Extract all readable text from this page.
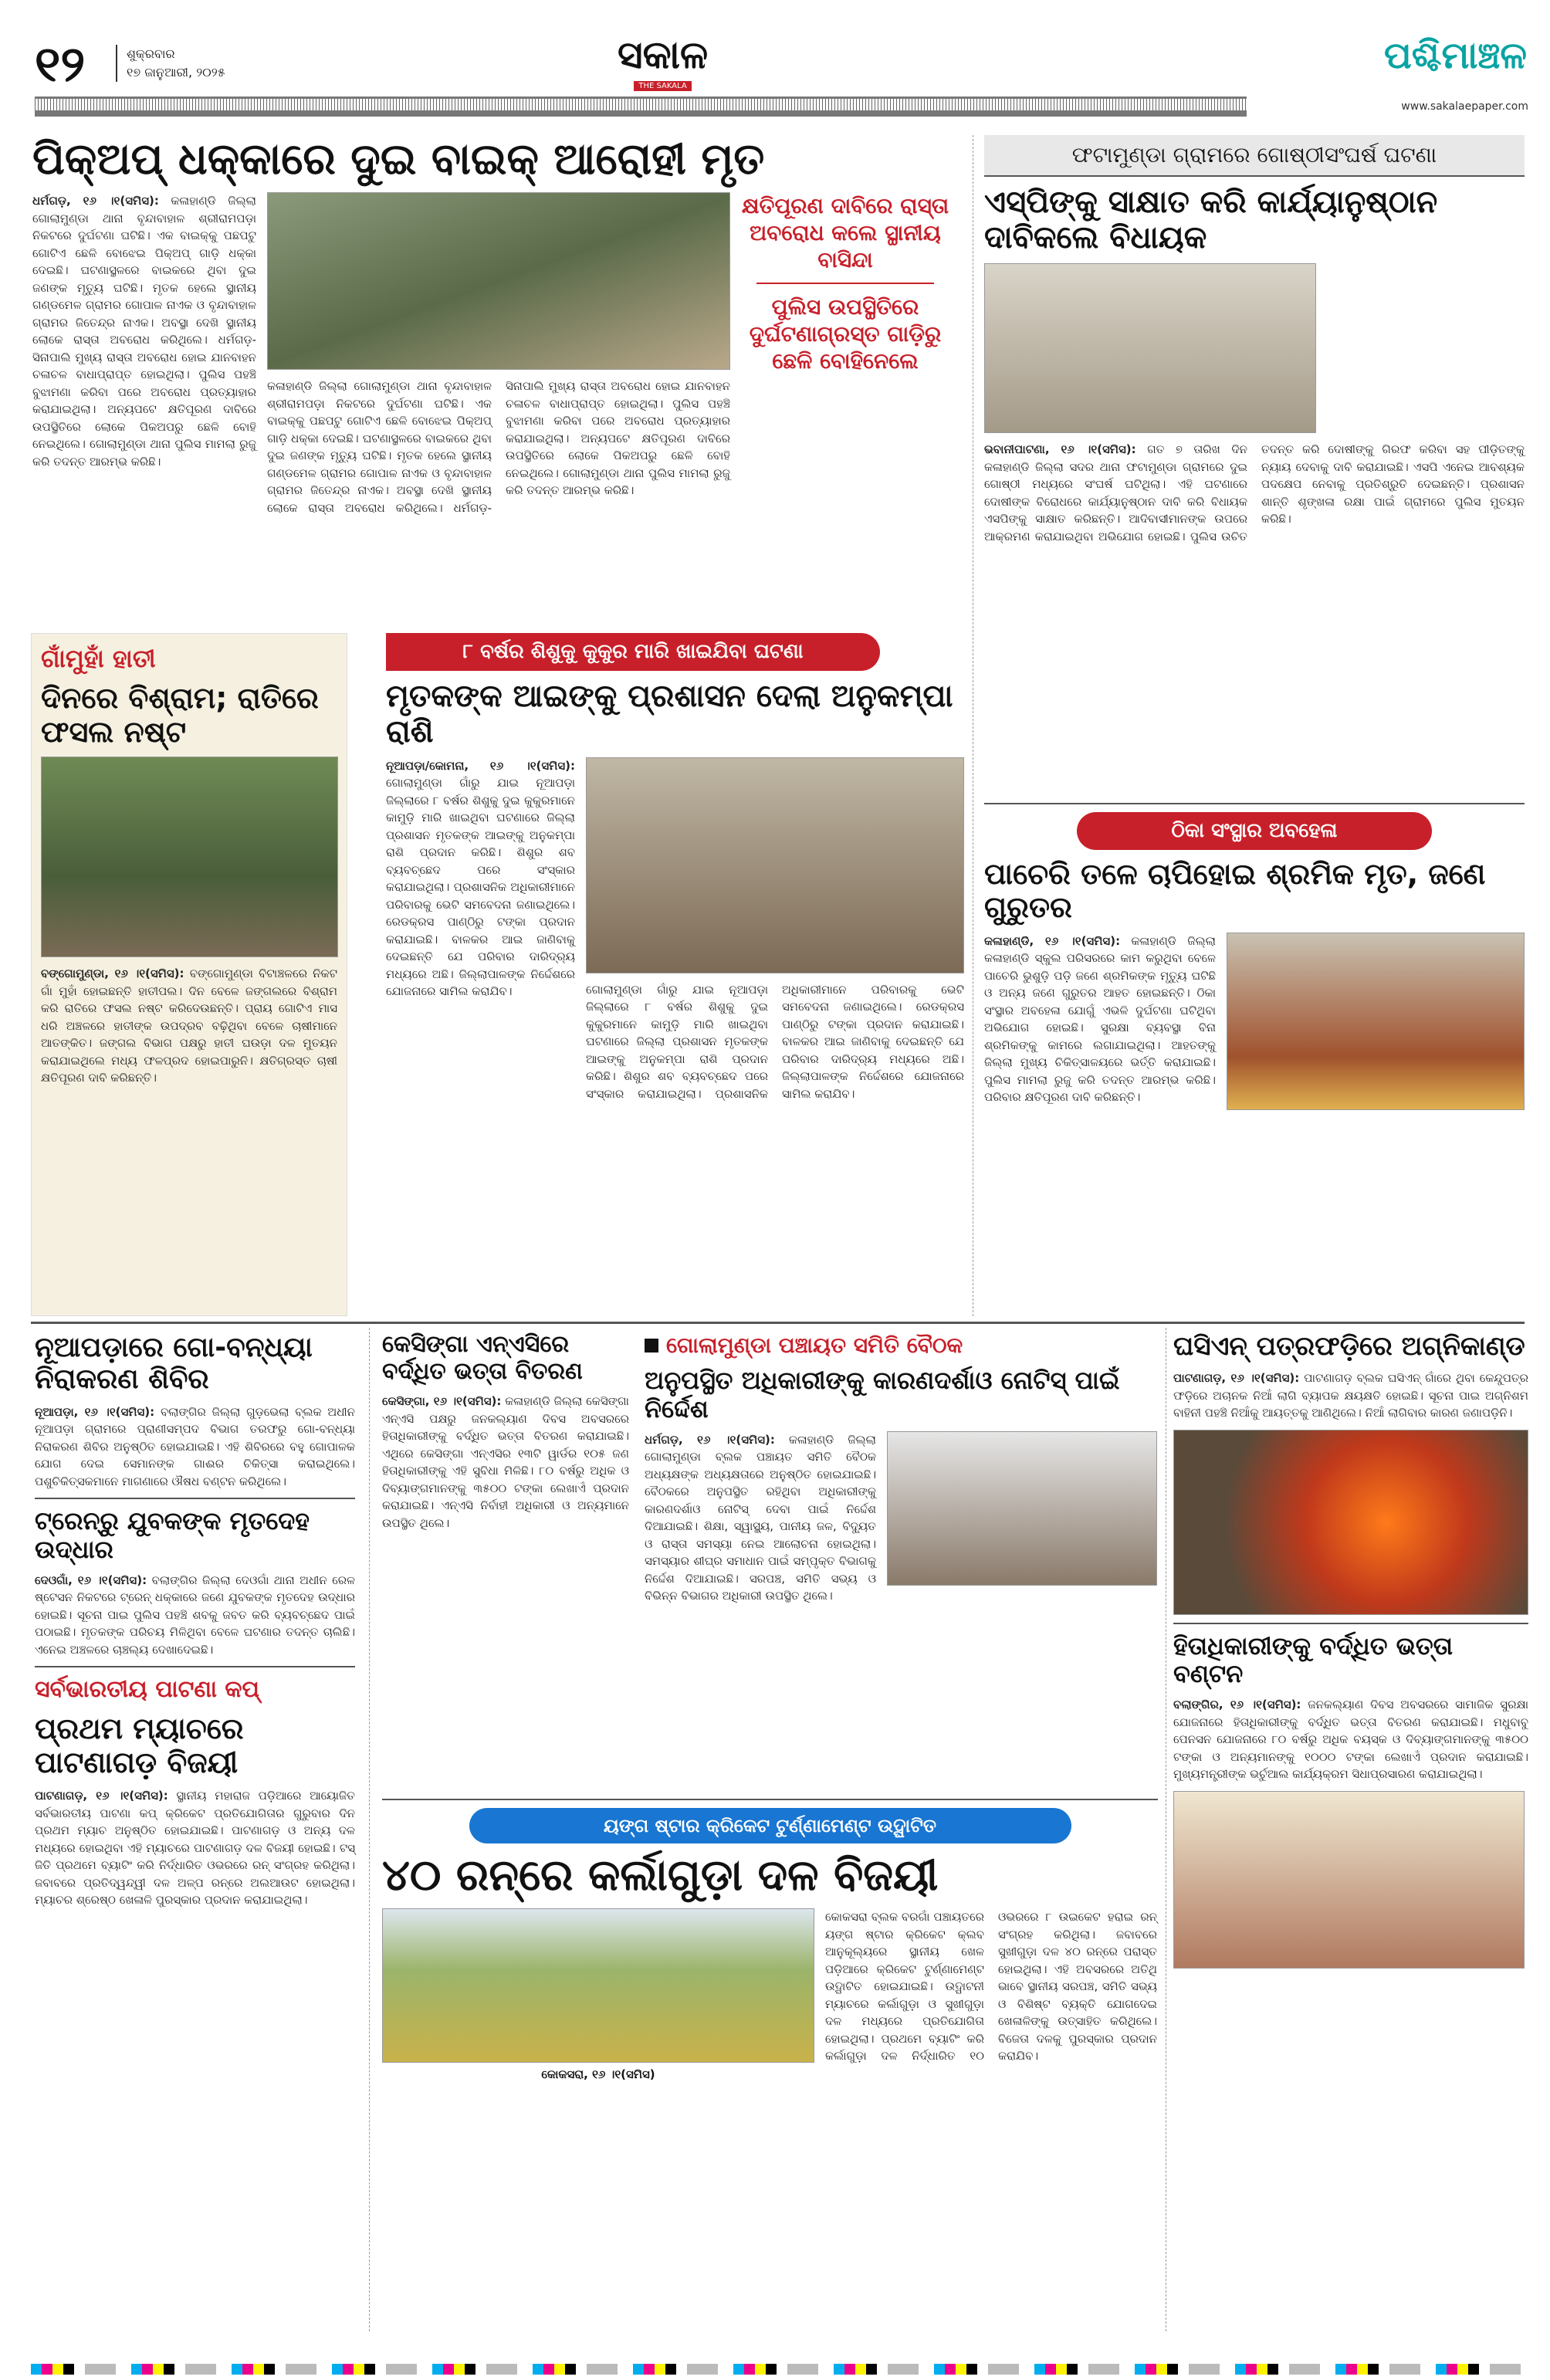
୧୨	ଶୁକ୍ରବାର
୧୭ ଜାନୁଆରୀ, ୨୦୨୫	ସକାଳ
THE SAKALA
ପଶ୍ଚିମାଞ୍ଚଳ
www.sakalaepaper.com
ପିକ୍ଅପ୍ ଧକ୍କାରେ ଦୁଇ ବାଇକ୍ ଆରୋହୀ ମୃତ
ଧର୍ମଗଡ଼, ୧୬ ।୧(ସମିସ): କଳାହାଣ୍ଡି ଜିଲ୍ଲା ଗୋଲାମୁଣ୍ଡା ଥାନା ବୃନ୍ଦାବାହାଳ ଶ୍ରୀରାମପଡ଼ା ନିକଟରେ ଦୁର୍ଘଟଣା ଘଟିଛି। ଏକ ବାଇକ୍କୁ ପଛପଟୁ ଗୋଟିଏ ଛେଳି ବୋଝେଇ ପିକ୍ଅପ୍ ଗାଡ଼ି ଧକ୍କା ଦେଇଛି। ଘଟଣାସ୍ଥଳରେ ବାଇକରେ ଥିବା ଦୁଇ ଜଣଙ୍କ ମୃତ୍ୟୁ ଘଟିଛି। ମୃତକ ହେଲେ ସ୍ଥାନୀୟ ଗଣ୍ଡମେଳ ଗ୍ରାମର ଗୋପାଳ ନାଏକ ଓ ବୃନ୍ଦାବାହାଳ ଗ୍ରାମର ଜିତେନ୍ଦ୍ର ନାଏକ। ଅବସ୍ଥା ଦେଖି ସ୍ଥାନୀୟ ଲୋକେ ରାସ୍ତା ଅବରୋଧ କରିଥିଲେ। ଧର୍ମଗଡ଼-ସିନାପାଲି ମୁଖ୍ୟ ରାସ୍ତା ଅବରୋଧ ହୋଇ ଯାନବାହନ ଚଳାଚଳ ବାଧାପ୍ରାପ୍ତ ହୋଇଥିଲା। ପୁଲିସ ପହଞ୍ଚି ବୁଝାମଣା କରିବା ପରେ ଅବରୋଧ ପ୍ରତ୍ୟାହାର କରାଯାଇଥିଲା। ଅନ୍ୟପଟେ କ୍ଷତିପୂରଣ ଦାବିରେ ଉପସ୍ଥିତିରେ ଲୋକେ ପିକଅପରୁ ଛେଳି ବୋହି ନେଇଥିଲେ। ଗୋଲାମୁଣ୍ଡା ଥାନା ପୁଲିସ ମାମଲା ରୁଜୁ କରି ତଦନ୍ତ ଆରମ୍ଭ କରିଛି।
କଳାହାଣ୍ଡି ଜିଲ୍ଲା ଗୋଲାମୁଣ୍ଡା ଥାନା ବୃନ୍ଦାବାହାଳ ଶ୍ରୀରାମପଡ଼ା ନିକଟରେ ଦୁର୍ଘଟଣା ଘଟିଛି। ଏକ ବାଇକ୍କୁ ପଛପଟୁ ଗୋଟିଏ ଛେଳି ବୋଝେଇ ପିକ୍ଅପ୍ ଗାଡ଼ି ଧକ୍କା ଦେଇଛି। ଘଟଣାସ୍ଥଳରେ ବାଇକରେ ଥିବା ଦୁଇ ଜଣଙ୍କ ମୃତ୍ୟୁ ଘଟିଛି। ମୃତକ ହେଲେ ସ୍ଥାନୀୟ ଗଣ୍ଡମେଳ ଗ୍ରାମର ଗୋପାଳ ନାଏକ ଓ ବୃନ୍ଦାବାହାଳ ଗ୍ରାମର ଜିତେନ୍ଦ୍ର ନାଏକ। ଅବସ୍ଥା ଦେଖି ସ୍ଥାନୀୟ ଲୋକେ ରାସ୍ତା ଅବରୋଧ କରିଥିଲେ। ଧର୍ମଗଡ଼-ସିନାପାଲି ମୁଖ୍ୟ ରାସ୍ତା ଅବରୋଧ ହୋଇ ଯାନବାହନ ଚଳାଚଳ ବାଧାପ୍ରାପ୍ତ ହୋଇଥିଲା। ପୁଲିସ ପହଞ୍ଚି ବୁଝାମଣା କରିବା ପରେ ଅବରୋଧ ପ୍ରତ୍ୟାହାର କରାଯାଇଥିଲା। ଅନ୍ୟପଟେ କ୍ଷତିପୂରଣ ଦାବିରେ ଉପସ୍ଥିତିରେ ଲୋକେ ପିକଅପରୁ ଛେଳି ବୋହି ନେଇଥିଲେ। ଗୋଲାମୁଣ୍ଡା ଥାନା ପୁଲିସ ମାମଲା ରୁଜୁ କରି ତଦନ୍ତ ଆରମ୍ଭ କରିଛି।
କ୍ଷତିପୂରଣ ଦାବିରେ ରାସ୍ତା ଅବରୋଧ କଲେ ସ୍ଥାନୀୟ ବାସିନ୍ଦା
ପୁଲିସ ଉପସ୍ଥିତିରେ ଦୁର୍ଘଟଣାଗ୍ରସ୍ତ ଗାଡ଼ିରୁ ଛେଳି ବୋହିନେଲେ
ଫଟାମୁଣ୍ଡା ଗ୍ରାମରେ ଗୋଷ୍ଠୀସଂଘର୍ଷ ଘଟଣା
ଏସ୍ପିଙ୍କୁ ସାକ୍ଷାତ କରି କାର୍ଯ୍ୟାନୁଷ୍ଠାନ ଦାବିକଲେ ବିଧାୟକ
ଭବାନୀପାଟଣା, ୧୬ ।୧(ସମିସ): ଗତ ୭ ତାରିଖ ଦିନ କଳାହାଣ୍ଡି ଜିଲ୍ଲା ସଦର ଥାନା ଫଟାମୁଣ୍ଡା ଗ୍ରାମରେ ଦୁଇ ଗୋଷ୍ଠୀ ମଧ୍ୟରେ ସଂଘର୍ଷ ଘଟିଥିଲା। ଏହି ଘଟଣାରେ ଦୋଷୀଙ୍କ ବିରୋଧରେ କାର୍ଯ୍ୟାନୁଷ୍ଠାନ ଦାବି କରି ବିଧାୟକ ଏସପିଙ୍କୁ ସାକ୍ଷାତ କରିଛନ୍ତି। ଆଦିବାସୀମାନଙ୍କ ଉପରେ ଆକ୍ରମଣ କରାଯାଇଥିବା ଅଭିଯୋଗ ହୋଇଛି। ପୁଲିସ ଉଚିତ ତଦନ୍ତ କରି ଦୋଷୀଙ୍କୁ ଗିରଫ କରିବା ସହ ପୀଡ଼ିତଙ୍କୁ ନ୍ୟାୟ ଦେବାକୁ ଦାବି କରାଯାଇଛି। ଏସପି ଏନେଇ ଆବଶ୍ୟକ ପଦକ୍ଷେପ ନେବାକୁ ପ୍ରତିଶ୍ରୁତି ଦେଇଛନ୍ତି। ପ୍ରଶାସନ ଶାନ୍ତି ଶୃଙ୍ଖଳା ରକ୍ଷା ପାଇଁ ଗ୍ରାମରେ ପୁଲିସ ମୁତୟନ କରିଛି।
ଗାଁମୁହାଁ ହାତୀ
ଦିନରେ ବିଶ୍ରାମ; ରାତିରେ ଫସଲ ନଷ୍ଟ
ବଙ୍ଗୋମୁଣ୍ଡା, ୧୬ ।୧(ସମିସ): ବଙ୍ଗୋମୁଣ୍ଡା ବିଟାଞ୍ଚଳରେ ନିକଟ ଗାଁ ମୁହାଁ ହୋଇଛନ୍ତି ହାତୀପଲ। ଦିନ ବେଳେ ଜଙ୍ଗଲରେ ବିଶ୍ରାମ କରି ରାତିରେ ଫସଲ ନଷ୍ଟ କରିଦେଉଛନ୍ତି। ପ୍ରାୟ ଗୋଟିଏ ମାସ ଧରି ଅଞ୍ଚଳରେ ହାତୀଙ୍କ ଉପଦ୍ରବ ବଢ଼ିଥିବା ବେଳେ ଚାଷୀମାନେ ଆତଙ୍କିତ। ଜଙ୍ଗଲ ବିଭାଗ ପକ୍ଷରୁ ହାତୀ ଘଉଡ଼ା ଦଳ ମୁତୟନ କରାଯାଇଥିଲେ ମଧ୍ୟ ଫଳପ୍ରଦ ହୋଇପାରୁନି। କ୍ଷତିଗ୍ରସ୍ତ ଚାଷୀ କ୍ଷତିପୂରଣ ଦାବି କରିଛନ୍ତି।
୮ ବର୍ଷର ଶିଶୁକୁ କୁକୁର ମାରି ଖାଇଯିବା ଘଟଣା
ମୃତକଙ୍କ ଆଇଙ୍କୁ ପ୍ରଶାସନ ଦେଲା ଅନୁକମ୍ପା ରାଶି
ନୂଆପଡ଼ା/କୋମନା, ୧୬ ।୧(ସମିସ): ଗୋଲାମୁଣ୍ଡା ଗାଁରୁ ଯାଇ ନୂଆପଡ଼ା ଜିଲ୍ଲାରେ ୮ ବର୍ଷର ଶିଶୁକୁ ଦୁଇ କୁକୁରମାନେ କାମୁଡ଼ି ମାରି ଖାଇଥିବା ଘଟଣାରେ ଜିଲ୍ଲା ପ୍ରଶାସନ ମୃତକଙ୍କ ଆଇଙ୍କୁ ଅନୁକମ୍ପା ରାଶି ପ୍ରଦାନ କରିଛି। ଶିଶୁର ଶବ ବ୍ୟବଚ୍ଛେଦ ପରେ ସଂସ୍କାର କରାଯାଇଥିଲା। ପ୍ରଶାସନିକ ଅଧିକାରୀମାନେ ପରିବାରକୁ ଭେଟି ସମବେଦନା ଜଣାଇଥିଲେ। ରେଡକ୍ରସ ପାଣ୍ଠିରୁ ଟଙ୍କା ପ୍ରଦାନ କରାଯାଇଛି। ବାଳକର ଆଇ ଜାଣିବାକୁ ଦେଇଛନ୍ତି ଯେ ପରିବାର ଦାରିଦ୍ର୍ୟ ମଧ୍ୟରେ ଅଛି। ଜିଲ୍ଲାପାଳଙ୍କ ନିର୍ଦ୍ଦେଶରେ ଯୋଜନାରେ ସାମିଲ କରାଯିବ।	ଗୋଲାମୁଣ୍ଡା ଗାଁରୁ ଯାଇ ନୂଆପଡ଼ା ଜିଲ୍ଲାରେ ୮ ବର୍ଷର ଶିଶୁକୁ ଦୁଇ କୁକୁରମାନେ କାମୁଡ଼ି ମାରି ଖାଇଥିବା ଘଟଣାରେ ଜିଲ୍ଲା ପ୍ରଶାସନ ମୃତକଙ୍କ ଆଇଙ୍କୁ ଅନୁକମ୍ପା ରାଶି ପ୍ରଦାନ କରିଛି। ଶିଶୁର ଶବ ବ୍ୟବଚ୍ଛେଦ ପରେ ସଂସ୍କାର କରାଯାଇଥିଲା। ପ୍ରଶାସନିକ ଅଧିକାରୀମାନେ ପରିବାରକୁ ଭେଟି ସମବେଦନା ଜଣାଇଥିଲେ। ରେଡକ୍ରସ ପାଣ୍ଠିରୁ ଟଙ୍କା ପ୍ରଦାନ କରାଯାଇଛି। ବାଳକର ଆଇ ଜାଣିବାକୁ ଦେଇଛନ୍ତି ଯେ ପରିବାର ଦାରିଦ୍ର୍ୟ ମଧ୍ୟରେ ଅଛି। ଜିଲ୍ଲାପାଳଙ୍କ ନିର୍ଦ୍ଦେଶରେ ଯୋଜନାରେ ସାମିଲ କରାଯିବ।
ଠିକା ସଂସ୍ଥାର ଅବହେଳା
ପାଚେରି ତଳେ ଚାପିହୋଇ ଶ୍ରମିକ ମୃତ, ଜଣେ ଗୁରୁତର
କଳାହାଣ୍ଡି, ୧୬ ।୧(ସମିସ): କଳାହାଣ୍ଡି ଜିଲ୍ଲା କଳାହାଣ୍ଡି ସ୍କୁଲ ପରିସରରେ କାମ କରୁଥିବା ବେଳେ ପାଚେରି ଭୁଶୁଡ଼ି ପଡ଼ି ଜଣେ ଶ୍ରମିକଙ୍କ ମୃତ୍ୟୁ ଘଟିଛି ଓ ଅନ୍ୟ ଜଣେ ଗୁରୁତର ଆହତ ହୋଇଛନ୍ତି। ଠିକା ସଂସ୍ଥାର ଅବହେଳା ଯୋଗୁଁ ଏଭଳି ଦୁର୍ଘଟଣା ଘଟିଥିବା ଅଭିଯୋଗ ହୋଇଛି। ସୁରକ୍ଷା ବ୍ୟବସ୍ଥା ବିନା ଶ୍ରମିକଙ୍କୁ କାମରେ ଲଗାଯାଇଥିଲା। ଆହତଙ୍କୁ ଜିଲ୍ଲା ମୁଖ୍ୟ ଚିକିତ୍ସାଳୟରେ ଭର୍ତ୍ତି କରାଯାଇଛି। ପୁଲିସ ମାମଲା ରୁଜୁ କରି ତଦନ୍ତ ଆରମ୍ଭ କରିଛି। ପରିବାର କ୍ଷତିପୂରଣ ଦାବି କରିଛନ୍ତି।
ନୂଆପଡ଼ାରେ ଗୋ-ବନ୍ଧ୍ୟା ନିରାକରଣ ଶିବିର
ନୂଆପଡ଼ା, ୧୬ ।୧(ସମିସ): ବଲାଙ୍ଗିର ଜିଲ୍ଲା ଗୁଡ଼ଭେଲା ବ୍ଲକ ଅଧୀନ ନୂଆପଡ଼ା ଗ୍ରାମରେ ପ୍ରାଣୀସମ୍ପଦ ବିଭାଗ ତରଫରୁ ଗୋ-ବନ୍ଧ୍ୟା ନିରାକରଣ ଶିବିର ଅନୁଷ୍ଠିତ ହୋଇଯାଇଛି। ଏହି ଶିବିରରେ ବହୁ ଗୋପାଳକ ଯୋଗ ଦେଇ ସେମାନଙ୍କ ଗାଈର ଚିକିତ୍ସା କରାଇଥିଲେ। ପଶୁଚିକିତ୍ସକମାନେ ମାଗଣାରେ ଔଷଧ ବଣ୍ଟନ କରିଥିଲେ।
ଟ୍ରେନ୍‌ରୁ ଯୁବକଙ୍କ ମୃତଦେହ ଉଦ୍ଧାର
ଦେଓଗାଁ, ୧୬ ।୧(ସମିସ): ବଲାଙ୍ଗିର ଜିଲ୍ଲା ଦେଓଗାଁ ଥାନା ଅଧୀନ ରେଳ ଷ୍ଟେସନ ନିକଟରେ ଟ୍ରେନ୍ ଧକ୍କାରେ ଜଣେ ଯୁବକଙ୍କ ମୃତଦେହ ଉଦ୍ଧାର ହୋଇଛି। ସୂଚନା ପାଇ ପୁଲିସ ପହଞ୍ଚି ଶବକୁ ଜବତ କରି ବ୍ୟବଚ୍ଛେଦ ପାଇଁ ପଠାଇଛି। ମୃତକଙ୍କ ପରିଚୟ ମିଳିଥିବା ବେଳେ ଘଟଣାର ତଦନ୍ତ ଚାଲିଛି। ଏନେଇ ଅଞ୍ଚଳରେ ଚାଞ୍ଚଲ୍ୟ ଦେଖାଦେଇଛି।
ସର୍ବଭାରତୀୟ ପାଟଣା କପ୍
ପ୍ରଥମ ମ୍ୟାଚରେ ପାଟଣାଗଡ଼ ବିଜୟୀ
ପାଟଣାଗଡ଼, ୧୬ ।୧(ସମିସ): ସ୍ଥାନୀୟ ମହାରାଜ ପଡ଼ିଆରେ ଆୟୋଜିତ ସର୍ବଭାରତୀୟ ପାଟଣା କପ୍ କ୍ରିକେଟ ପ୍ରତିଯୋଗିତାର ଗୁରୁବାର ଦିନ ପ୍ରଥମ ମ୍ୟାଚ ଅନୁଷ୍ଠିତ ହୋଇଯାଇଛି। ପାଟଣାଗଡ଼ ଓ ଅନ୍ୟ ଦଳ ମଧ୍ୟରେ ହୋଇଥିବା ଏହି ମ୍ୟାଚରେ ପାଟଣାଗଡ଼ ଦଳ ବିଜୟୀ ହୋଇଛି। ଟସ୍ ଜିତି ପ୍ରଥମେ ବ୍ୟାଟିଂ କରି ନିର୍ଦ୍ଧାରିତ ଓଭରରେ ରନ୍ ସଂଗ୍ରହ କରିଥିଲା। ଜବାବରେ ପ୍ରତିଦ୍ୱନ୍ଦ୍ୱୀ ଦଳ ଅଳ୍ପ ରନ୍‌ରେ ଅଲଆଉଟ ହୋଇଥିଲା। ମ୍ୟାଚର ଶ୍ରେଷ୍ଠ ଖେଳାଳି ପୁରସ୍କାର ପ୍ରଦାନ କରାଯାଇଥିଲା।
କେସିଙ୍ଗା ଏନ୍ଏସିରେ ବର୍ଦ୍ଧିତ ଭତ୍ତା ବିତରଣ
କେସିଙ୍ଗା, ୧୬ ।୧(ସମିସ): କଳାହାଣ୍ଡି ଜିଲ୍ଲା କେସିଙ୍ଗା ଏନ୍ଏସି ପକ୍ଷରୁ ଜନକଲ୍ୟାଣ ଦିବସ ଅବସରରେ ହିତାଧିକାରୀଙ୍କୁ ବର୍ଦ୍ଧିତ ଭତ୍ତା ବିତରଣ କରାଯାଇଛି। ଏଥିରେ କେସିଙ୍ଗା ଏନ୍ଏସିର ୧୩ଟି ୱାର୍ଡର ୧୦୫ ଜଣ ହିତାଧିକାରୀଙ୍କୁ ଏହି ସୁବିଧା ମିଳିଛି। ୮୦ ବର୍ଷରୁ ଅଧିକ ଓ ଦିବ୍ୟାଙ୍ଗମାନଙ୍କୁ ୩୫୦୦ ଟଙ୍କା ଲେଖାଏଁ ପ୍ରଦାନ କରାଯାଇଛି। ଏନ୍ଏସି ନିର୍ବାହୀ ଅଧିକାରୀ ଓ ଅନ୍ୟମାନେ ଉପସ୍ଥିତ ଥିଲେ।
ଗୋଲାମୁଣ୍ଡା ପଞ୍ଚାୟତ ସମିତି ବୈଠକ
ଅନୁପସ୍ଥିତ ଅଧିକାରୀଙ୍କୁ କାରଣଦର୍ଶାଓ ନୋଟିସ୍ ପାଇଁ ନିର୍ଦ୍ଦେଶ
ଧର୍ମଗଡ଼, ୧୬ ।୧(ସମିସ): କଳାହାଣ୍ଡି ଜିଲ୍ଲା ଗୋଲାମୁଣ୍ଡା ବ୍ଲକ ପଞ୍ଚାୟତ ସମିତି ବୈଠକ ଅଧ୍ୟକ୍ଷଙ୍କ ଅଧ୍ୟକ୍ଷତାରେ ଅନୁଷ୍ଠିତ ହୋଇଯାଇଛି। ବୈଠକରେ ଅନୁପସ୍ଥିତ ରହିଥିବା ଅଧିକାରୀଙ୍କୁ କାରଣଦର୍ଶାଓ ନୋଟିସ୍ ଦେବା ପାଇଁ ନିର୍ଦ୍ଦେଶ ଦିଆଯାଇଛି। ଶିକ୍ଷା, ସ୍ୱାସ୍ଥ୍ୟ, ପାନୀୟ ଜଳ, ବିଦ୍ୟୁତ ଓ ରାସ୍ତା ସମସ୍ୟା ନେଇ ଆଲୋଚନା ହୋଇଥିଲା। ସମସ୍ୟାର ଶୀଘ୍ର ସମାଧାନ ପାଇଁ ସମ୍ପୃକ୍ତ ବିଭାଗକୁ ନିର୍ଦ୍ଦେଶ ଦିଆଯାଇଛି। ସରପଞ୍ଚ, ସମିତି ସଭ୍ୟ ଓ ବିଭିନ୍ନ ବିଭାଗର ଅଧିକାରୀ ଉପସ୍ଥିତ ଥିଲେ।
ଘସିଏନ୍ ପତ୍ରଫଡ଼ିରେ ଅଗ୍ନିକାଣ୍ଡ
ପାଟଣାଗଡ଼, ୧୬ ।୧(ସମିସ): ପାଟଣାଗଡ଼ ବ୍ଲକ ଘସିଏନ୍ ଗାଁରେ ଥିବା କେନ୍ଦୁପତ୍ର ଫଡ଼ିରେ ଅଚାନକ ନିଆଁ ଲାଗି ବ୍ୟାପକ କ୍ଷୟକ୍ଷତି ହୋଇଛି। ସୂଚନା ପାଇ ଅଗ୍ନିଶମ ବାହିନୀ ପହଞ୍ଚି ନିଆଁକୁ ଆୟତ୍ତକୁ ଆଣିଥିଲେ। ନିଆଁ ଲାଗିବାର କାରଣ ଜଣାପଡ଼ିନି।
ହିତାଧିକାରୀଙ୍କୁ ବର୍ଦ୍ଧିତ ଭତ୍ତା ବଣ୍ଟନ
ବଲାଙ୍ଗିର, ୧୬ ।୧(ସମିସ): ଜନକଲ୍ୟାଣ ଦିବସ ଅବସରରେ ସାମାଜିକ ସୁରକ୍ଷା ଯୋଜନାରେ ହିତାଧିକାରୀଙ୍କୁ ବର୍ଦ୍ଧିତ ଭତ୍ତା ବିତରଣ କରାଯାଇଛି। ମଧୁବାବୁ ପେନସନ ଯୋଜନାରେ ୮୦ ବର୍ଷରୁ ଅଧିକ ବୟସ୍କ ଓ ଦିବ୍ୟାଙ୍ଗମାନଙ୍କୁ ୩୫୦୦ ଟଙ୍କା ଓ ଅନ୍ୟମାନଙ୍କୁ ୧୦୦୦ ଟଙ୍କା ଲେଖାଏଁ ପ୍ରଦାନ କରାଯାଇଛି। ମୁଖ୍ୟମନ୍ତ୍ରୀଙ୍କ ଭର୍ଚୁଆଲ କାର୍ଯ୍ୟକ୍ରମ ସିଧାପ୍ରସାରଣ କରାଯାଇଥିଲା।
ୟଙ୍ଗ ଷ୍ଟାର କ୍ରିକେଟ ଟୁର୍ଣ୍ଣାମେଣ୍ଟ ଉଦ୍ଘାଟିତ
୪୦ ରନ୍‌ରେ କର୍ଲାଗୁଡ଼ା ଦଳ ବିଜୟୀ
କୋକସରା, ୧୬ ।୧(ସମିସ)
କୋକସରା ବ୍ଲକ ବରଗାଁ ପଞ୍ଚାୟତରେ ୟଙ୍ଗ ଷ୍ଟାର କ୍ରିକେଟ କ୍ଲବ ଆନୁକୂଲ୍ୟରେ ସ୍ଥାନୀୟ ଖେଳ ପଡ଼ିଆରେ କ୍ରିକେଟ ଟୁର୍ଣ୍ଣାମେଣ୍ଟ ଉଦ୍ଘାଟିତ ହୋଇଯାଇଛି। ଉଦ୍ଘାଟନୀ ମ୍ୟାଚରେ କର୍ଲାଗୁଡ଼ା ଓ ସୁଖୀଗୁଡ଼ା ଦଳ ମଧ୍ୟରେ ପ୍ରତିଯୋଗିତା ହୋଇଥିଲା। ପ୍ରଥମେ ବ୍ୟାଟିଂ କରି କର୍ଲାଗୁଡ଼ା ଦଳ ନିର୍ଦ୍ଧାରିତ ୧୦ ଓଭରରେ ୮ ଉଇକେଟ ହରାଇ ରନ୍ ସଂଗ୍ରହ କରିଥିଲା। ଜବାବରେ ସୁଖୀଗୁଡ଼ା ଦଳ ୪୦ ରନ୍‌ରେ ପରାସ୍ତ ହୋଇଥିଲା। ଏହି ଅବସରରେ ଅତିଥି ଭାବେ ସ୍ଥାନୀୟ ସରପଞ୍ଚ, ସମିତି ସଭ୍ୟ ଓ ବିଶିଷ୍ଟ ବ୍ୟକ୍ତି ଯୋଗଦେଇ ଖେଳାଳିଙ୍କୁ ଉତ୍ସାହିତ କରିଥିଲେ। ବିଜେତା ଦଳକୁ ପୁରସ୍କାର ପ୍ରଦାନ କରାଯିବ।
